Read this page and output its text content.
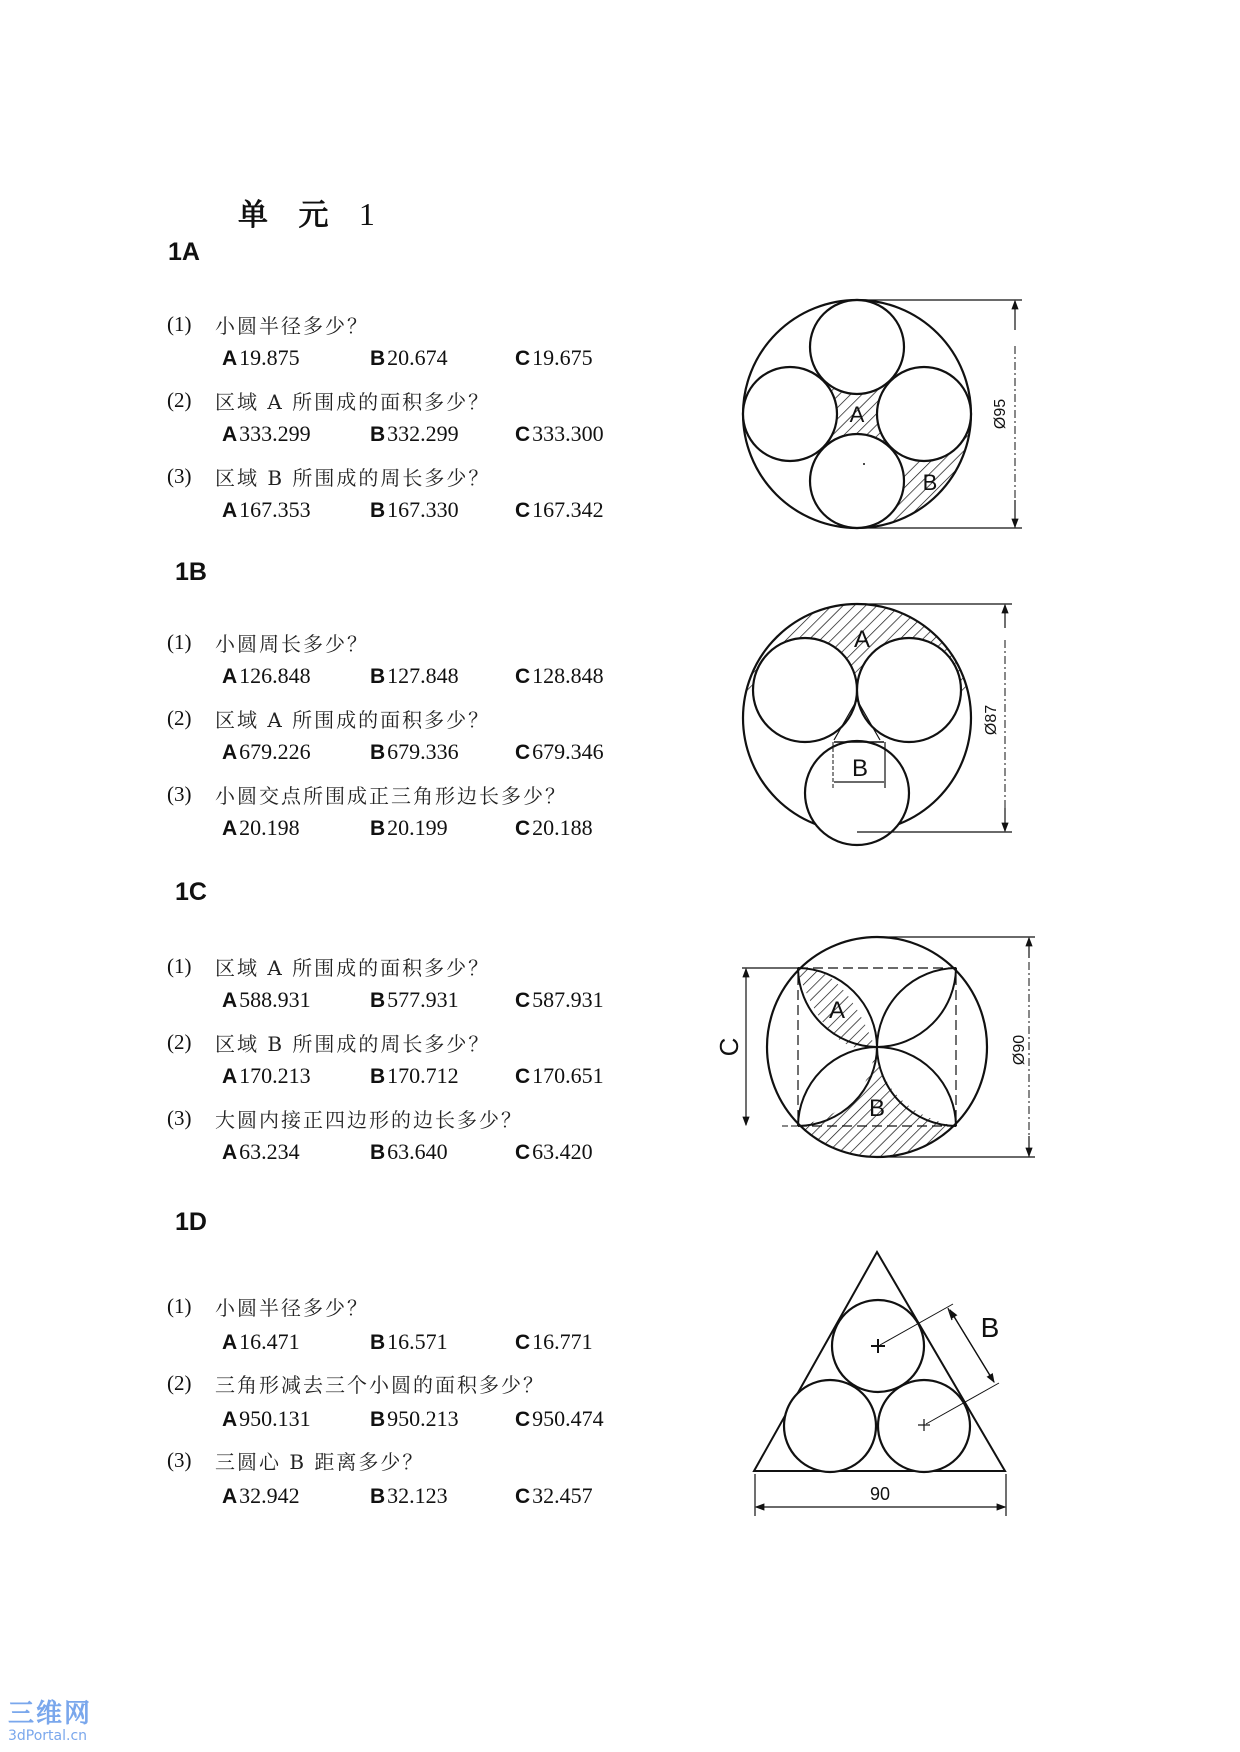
单 元 1
1A
(1) 小圆半径多少？
A19.875	B20.674	C19.675
(2) 区域 A 所围成的面积多少？
A333.299	B332.299	C333.300
(3) 区域 B 所围成的周长多少？
A167.353	B167.330	C167.342
1B
(1) 小圆周长多少？
A126.848	B127.848	C128.848
(2) 区域 A 所围成的面积多少？
A679.226	B679.336	C679.346
(3) 小圆交点所围成正三角形边长多少？
A20.198	B20.199	C20.188
1C
(1) 区域 A 所围成的面积多少？
A588.931	B577.931	C587.931
(2) 区域 B 所围成的周长多少？
A170.213	B170.712	C170.651
(3) 大圆内接正四边形的边长多少？
A63.234	B63.640	C63.420
1D
(1) 小圆半径多少？
A16.471	B16.571	C16.771
(2) 三角形减去三个小圆的面积多少？
A950.131	B950.213	C950.474
(3) 三圆心 B 距离多少？
A32.942	B32.123	C32.457
A
B
Ø95
A
B
Ø87
A
B
C	Ø90
B
90
三维网
3dPortal.cn
